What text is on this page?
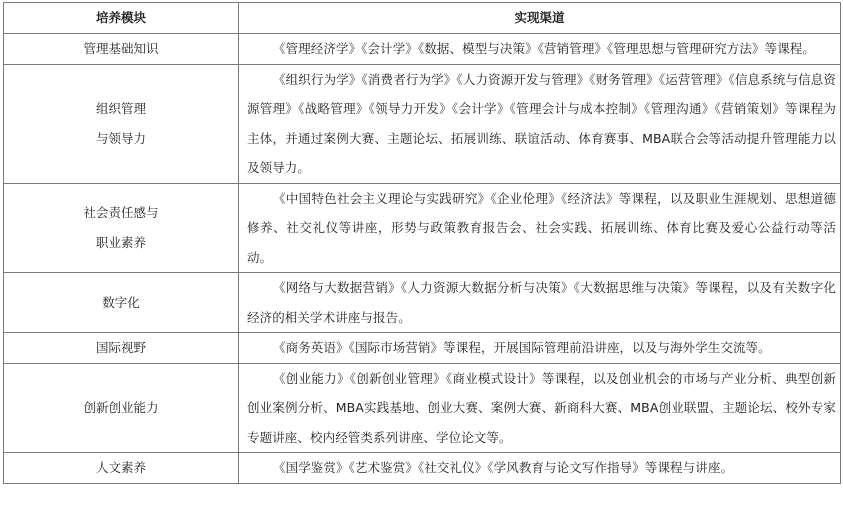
培养模块	实现渠道

管理基础知识	《管理经济学》《会计学》《数据、模型与决策》《营销管理》《管理思想与管理研究方法》等课程。

组织管理
与领导力	《组织行为学》《消费者行为学》《人力资源开发与管理》《财务管理》《运营管理》《信息系统与信息资源管理》《战略管理》《领导力开发》《会计学》《管理会计与成本控制》《管理沟通》《营销策划》等课程为主体，并通过案例大赛、主题论坛、拓展训练、联谊活动、体育赛事、MBA联合会等活动提升管理能力以及领导力。

社会责任感与
职业素养	《中国特色社会主义理论与实践研究》《企业伦理》《经济法》等课程，以及职业生涯规划、思想道德修养、社交礼仪等讲座，形势与政策教育报告会、社会实践、拓展训练、体育比赛及爱心公益行动等活动。

数字化	《网络与大数据营销》《人力资源大数据分析与决策》《大数据思维与决策》等课程，以及有关数字化经济的相关学术讲座与报告。

国际视野	《商务英语》《国际市场营销》等课程，开展国际管理前沿讲座，以及与海外学生交流等。

创新创业能力	《创业能力》《创新创业管理》《商业模式设计》等课程，以及创业机会的市场与产业分析、典型创新创业案例分析、MBA实践基地、创业大赛、案例大赛、新商科大赛、MBA创业联盟、主题论坛、校外专家专题讲座、校内经管类系列讲座、学位论文等。

人文素养	《国学鉴赏》《艺术鉴赏》《社交礼仪》《学风教育与论文写作指导》等课程与讲座。
